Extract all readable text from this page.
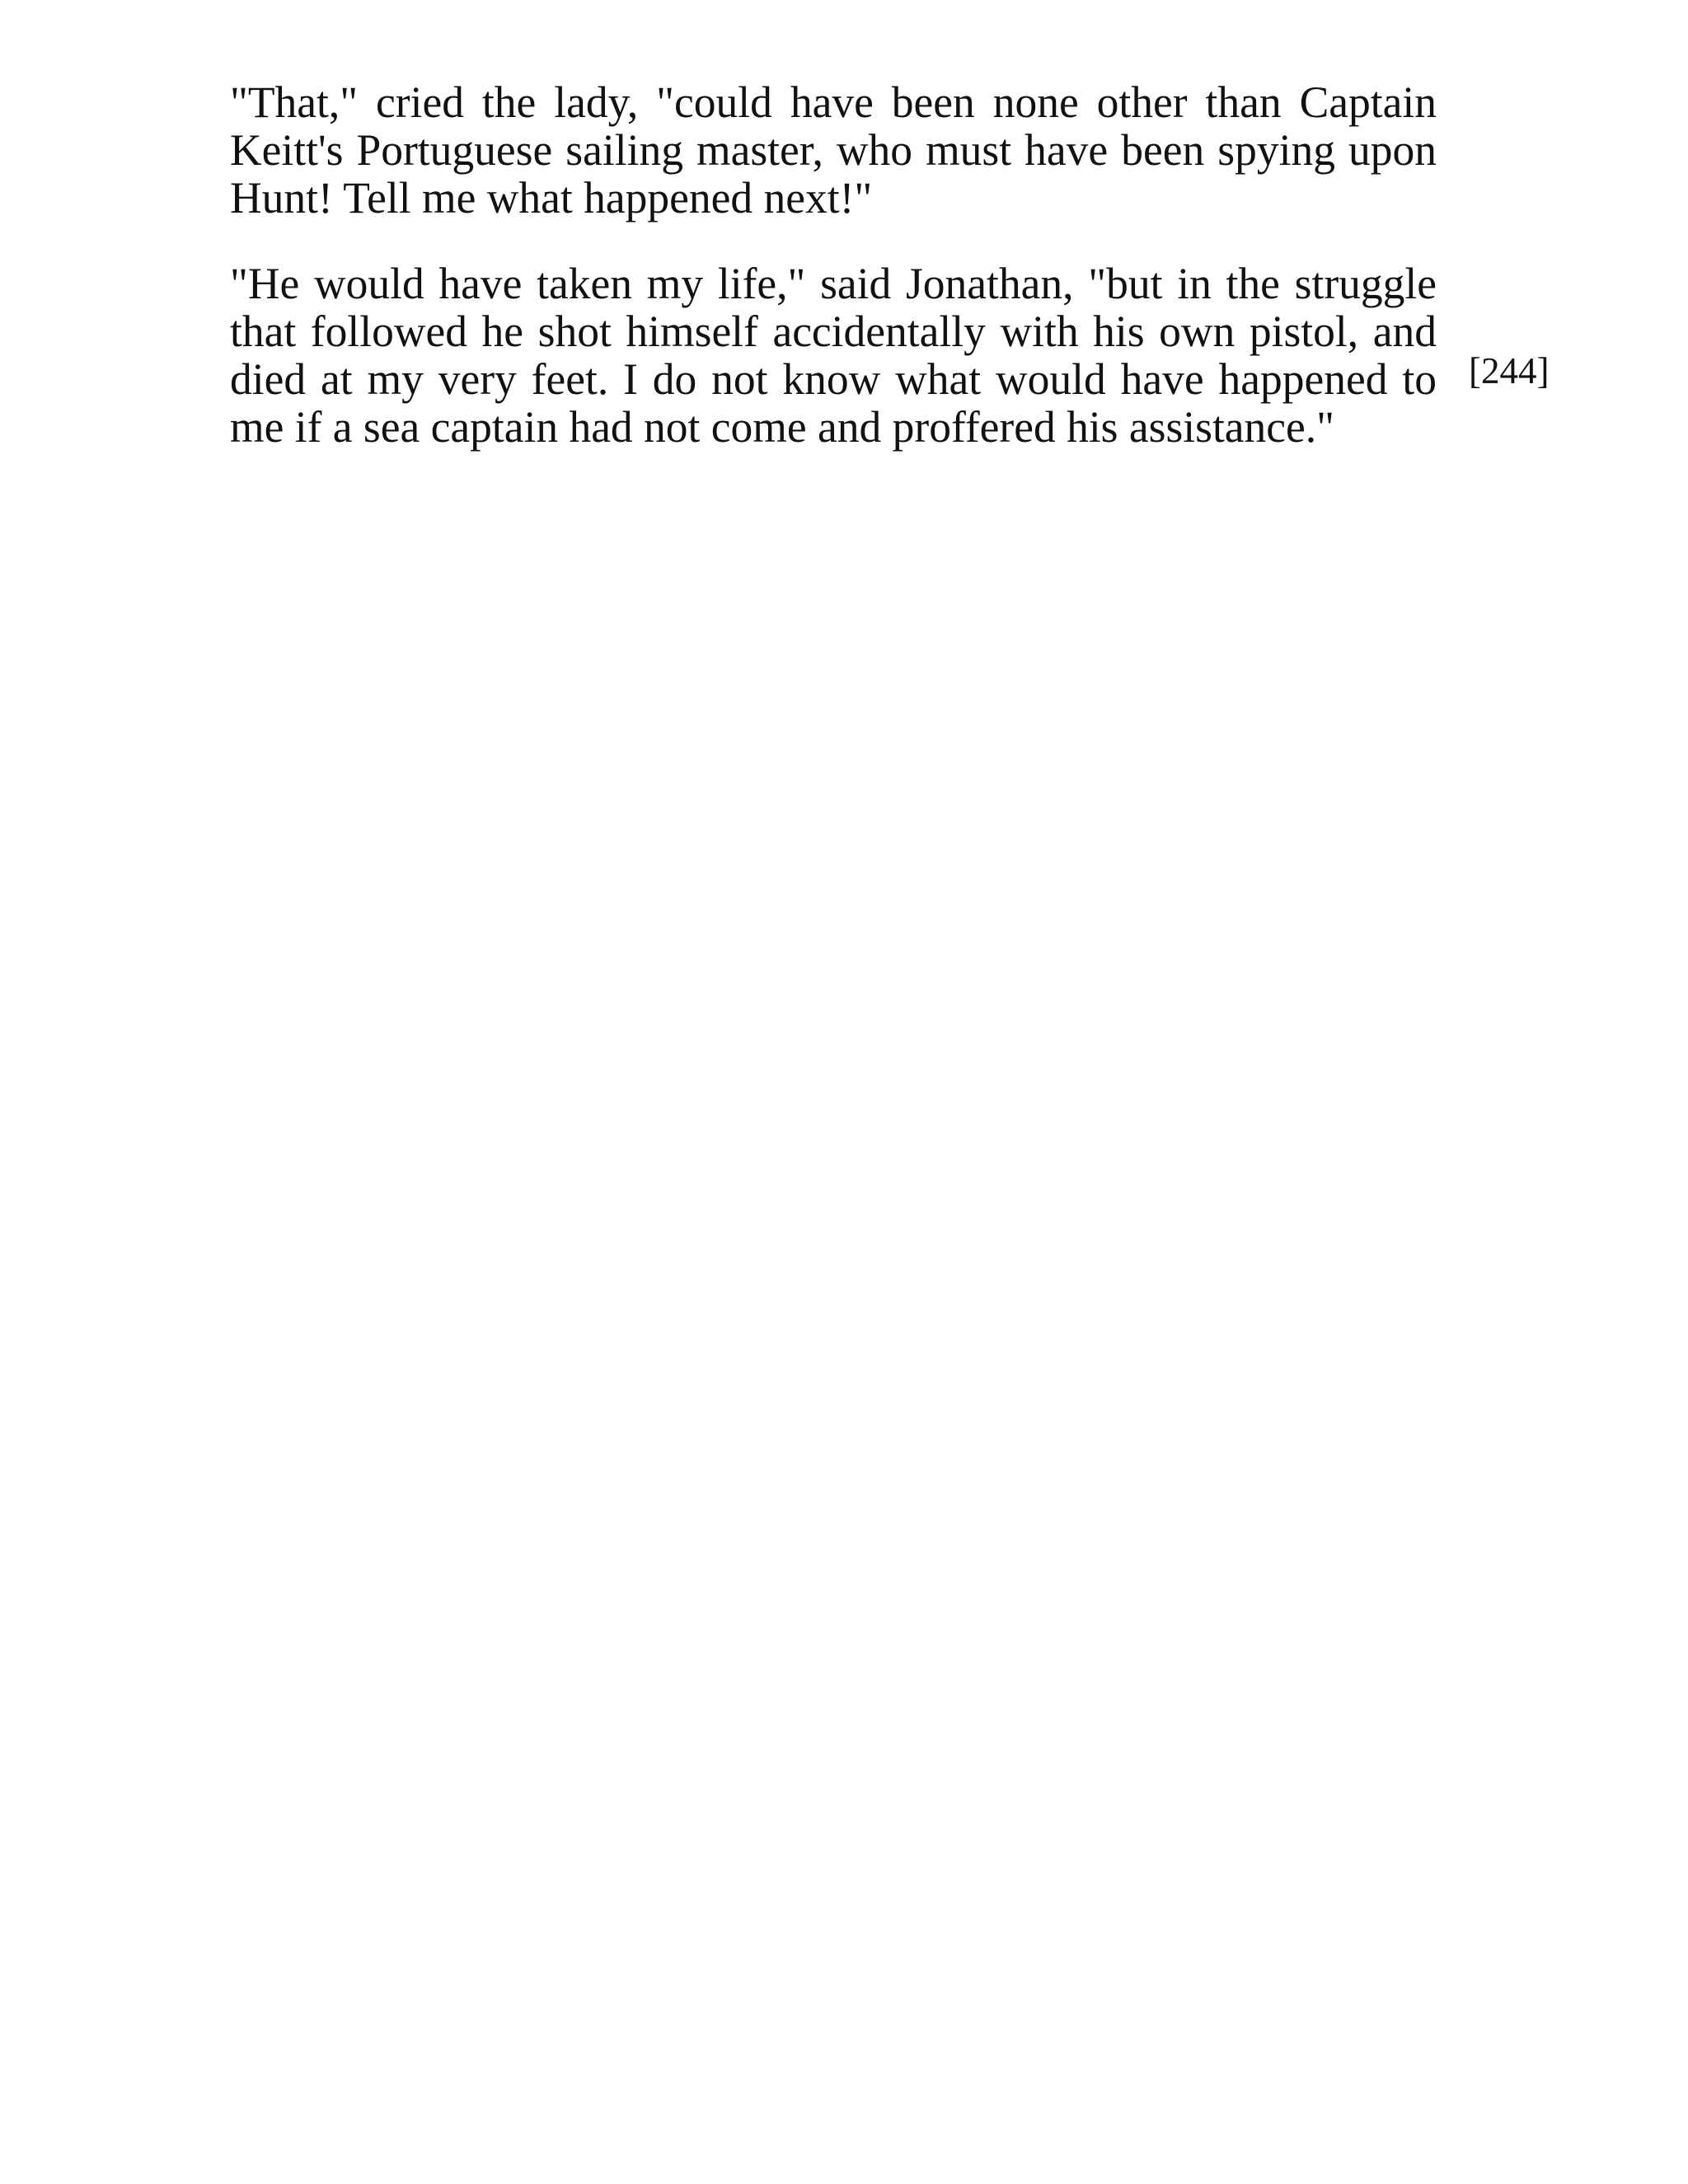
"That," cried the lady, "could have been none other than Captain Keitt's Portuguese sailing master, who must have been spying upon Hunt! Tell me what happened next!"

"He would have taken my life," said Jonathan, "but in the struggle that followed he shot himself accidentally with his own pistol, and died at my very feet. I do not know what would have happened to me if a sea captain had not come and proffered his assistance."

[244]
